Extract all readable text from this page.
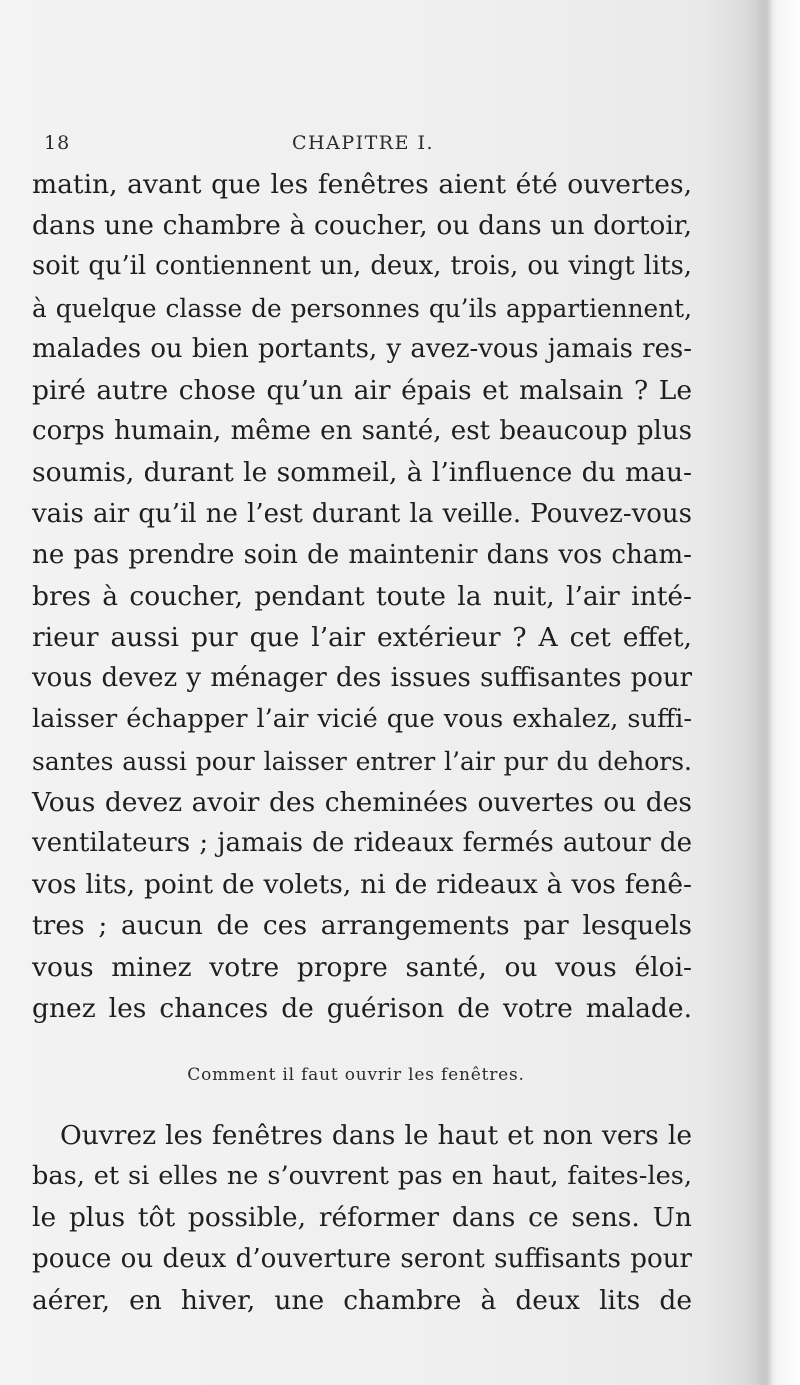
18	CHAPITRE I.
matin, avant que les fenêtres aient été ouvertes,
dans une chambre à coucher, ou dans un dortoir,
soit qu’il contiennent un, deux, trois, ou vingt lits,
à quelque classe de personnes qu’ils appartiennent,
malades ou bien portants, y avez-vous jamais res-
piré autre chose qu’un air épais et malsain ? Le
corps humain, même en santé, est beaucoup plus
soumis, durant le sommeil, à l’influence du mau-
vais air qu’il ne l’est durant la veille. Pouvez-vous
ne pas prendre soin de maintenir dans vos cham-
bres à coucher, pendant toute la nuit, l’air inté-
rieur aussi pur que l’air extérieur ? A cet effet,
vous devez y ménager des issues suffisantes pour
laisser échapper l’air vicié que vous exhalez, suffi-
santes aussi pour laisser entrer l’air pur du dehors.
Vous devez avoir des cheminées ouvertes ou des
ventilateurs ; jamais de rideaux fermés autour de
vos lits, point de volets, ni de rideaux à vos fenê-
tres ; aucun de ces arrangements par lesquels
vous minez votre propre santé, ou vous éloi-
gnez les chances de guérison de votre malade.
Comment il faut ouvrir les fenêtres.
Ouvrez les fenêtres dans le haut et non vers le
bas, et si elles ne s’ouvrent pas en haut, faites-les,
le plus tôt possible, réformer dans ce sens. Un
pouce ou deux d’ouverture seront suffisants pour
aérer, en hiver, une chambre à deux lits de
